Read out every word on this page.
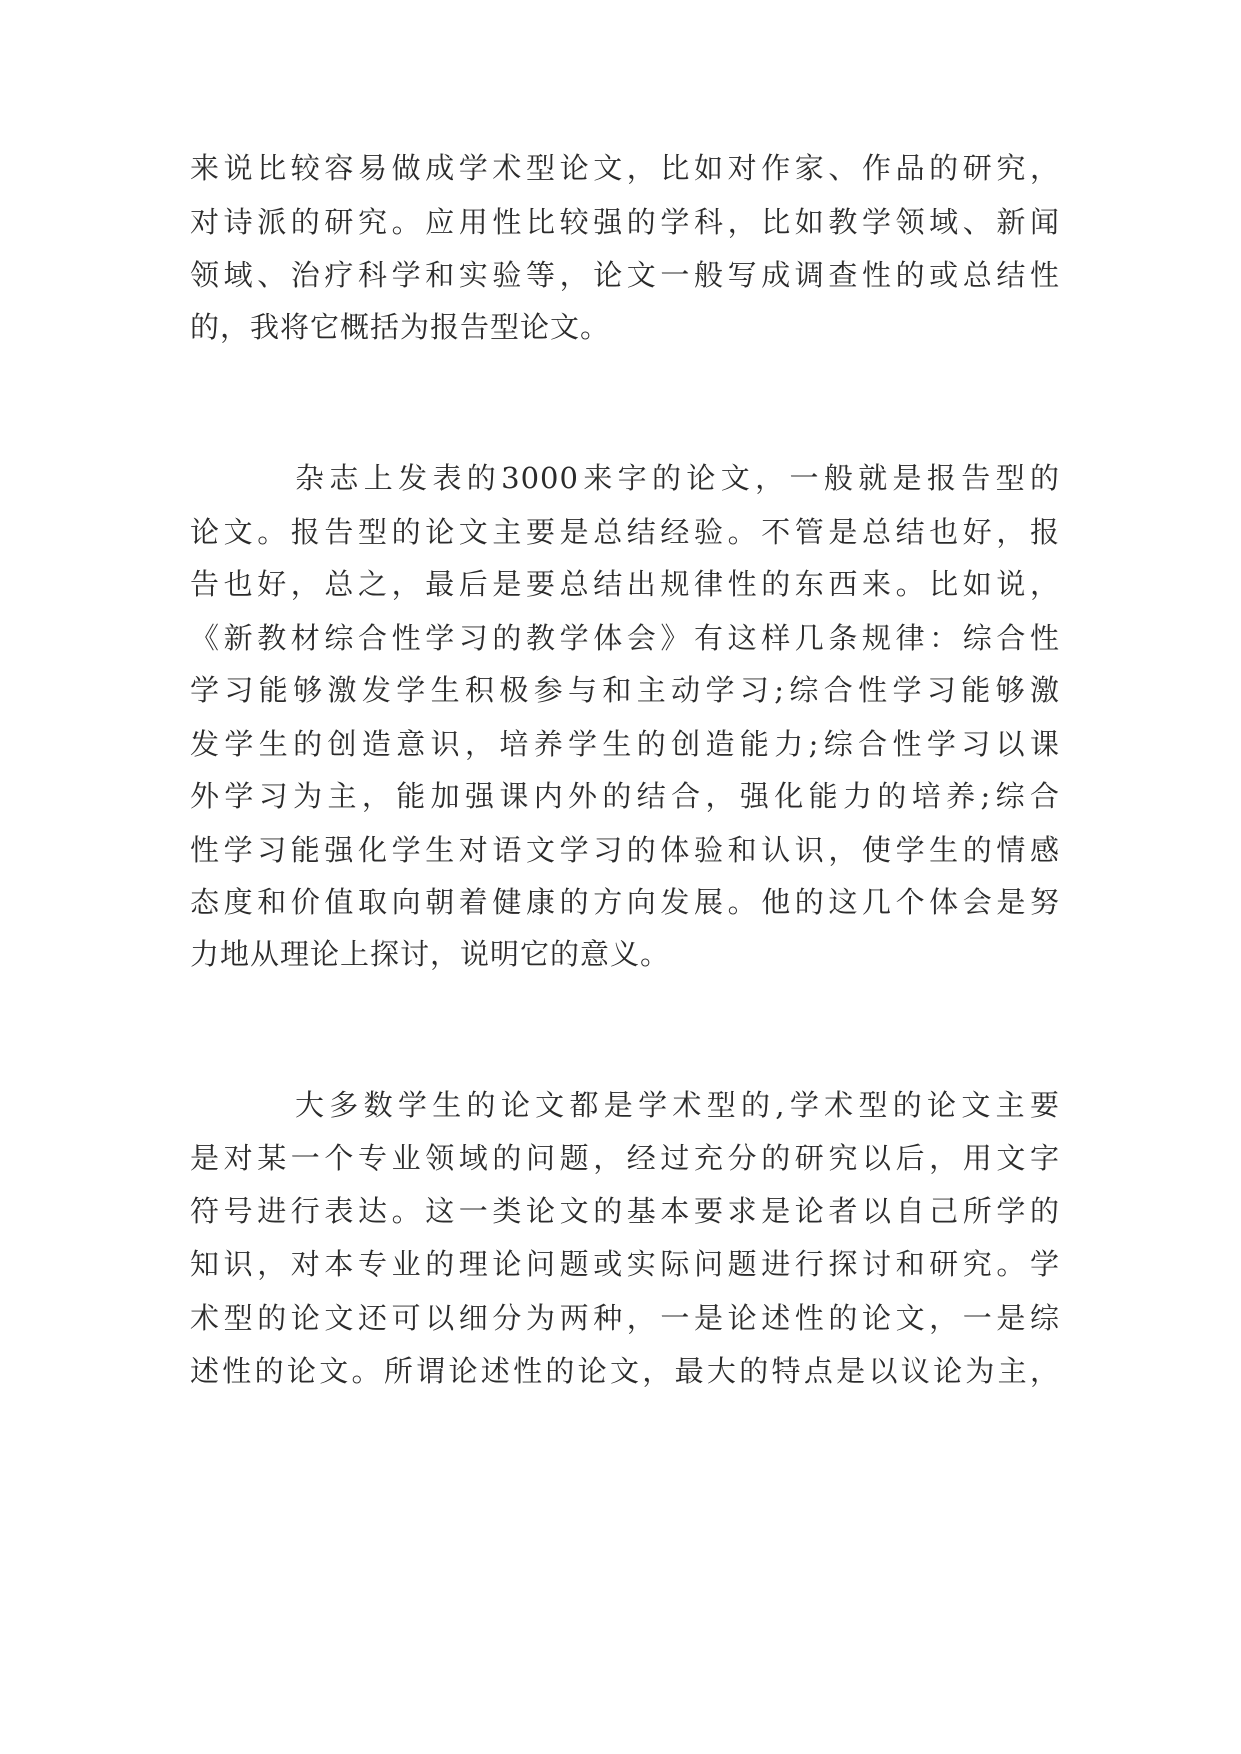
来说比较容易做成学术型论文，比如对作家、作品的研究，
对诗派的研究。应用性比较强的学科，比如教学领域、新闻
领域、治疗科学和实验等，论文一般写成调查性的或总结性
的，我将它概括为报告型论文。
杂志上发表的3000来字的论文，一般就是报告型的
论文。报告型的论文主要是总结经验。不管是总结也好，报
告也好，总之，最后是要总结出规律性的东西来。比如说，
《新教材综合性学习的教学体会》有这样几条规律：综合性
学习能够激发学生积极参与和主动学习;综合性学习能够激
发学生的创造意识，培养学生的创造能力;综合性学习以课
外学习为主，能加强课内外的结合，强化能力的培养;综合
性学习能强化学生对语文学习的体验和认识，使学生的情感
态度和价值取向朝着健康的方向发展。他的这几个体会是努
力地从理论上探讨，说明它的意义。
大多数学生的论文都是学术型的,学术型的论文主要
是对某一个专业领域的问题，经过充分的研究以后，用文字
符号进行表达。这一类论文的基本要求是论者以自己所学的
知识，对本专业的理论问题或实际问题进行探讨和研究。学
术型的论文还可以细分为两种，一是论述性的论文，一是综
述性的论文。所谓论述性的论文，最大的特点是以议论为主，
